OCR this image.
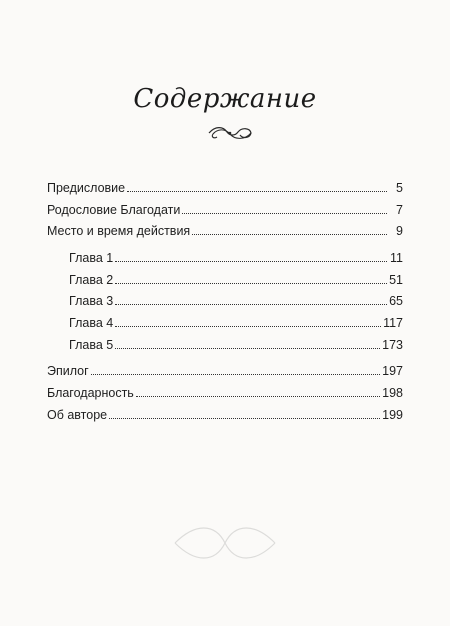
Содержание
Предисловие	5
Родословие Благодати	7
Место и время действия	9
Глава 1	11
Глава 2	51
Глава 3	65
Глава 4	117
Глава 5	173
Эпилог	197
Благодарность	198
Об авторе	199
